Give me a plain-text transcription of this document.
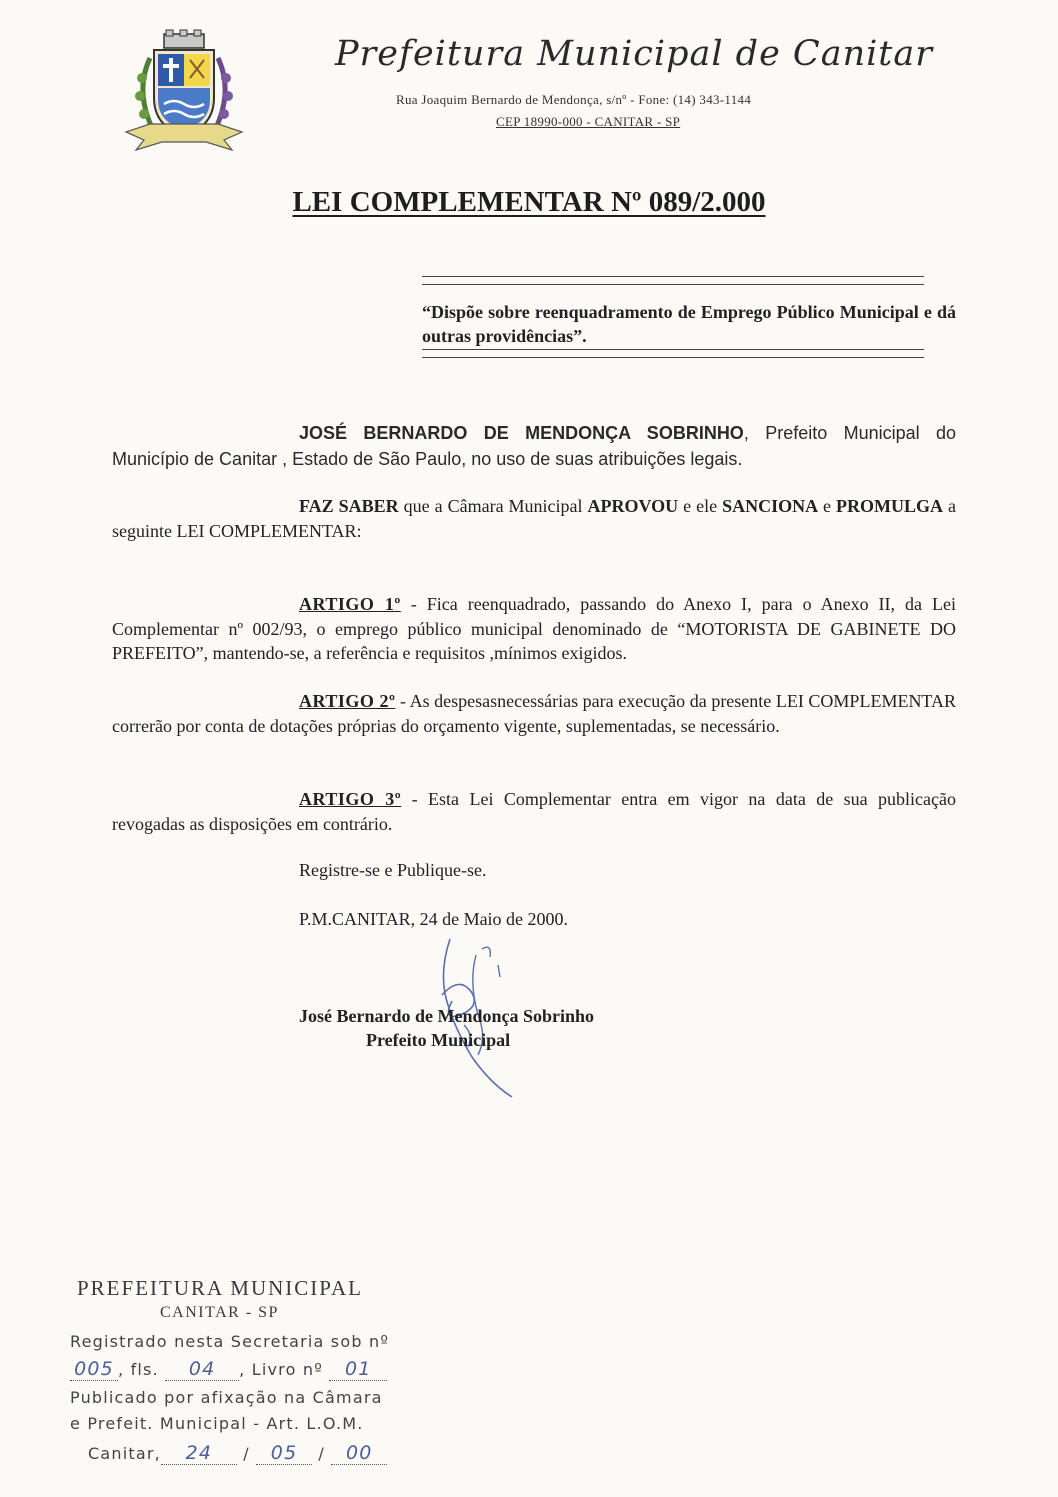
Prefeitura Municipal de Canitar
Rua Joaquim Bernardo de Mendonça, s/nº - Fone: (14) 343-1144
CEP 18990-000 - CANITAR - SP
LEI COMPLEMENTAR Nº 089/2.000
“Dispõe sobre reenquadramento de Emprego Público Municipal e dá outras providências”.
JOSÉ BERNARDO DE MENDONÇA SOBRINHO, Prefeito Municipal do Município de Canitar , Estado de São Paulo, no uso de suas atribuições legais.
FAZ SABER que a Câmara Municipal APROVOU e ele SANCIONA e PROMULGA a seguinte LEI COMPLEMENTAR:
ARTIGO 1º - Fica reenquadrado, passando do Anexo I, para o Anexo II, da Lei Complementar nº 002/93, o emprego público municipal denominado de “MOTORISTA DE GABINETE DO PREFEITO”, mantendo-se, a referência e requisitos ,mínimos exigidos.
ARTIGO 2º - As despesasnecessárias para execução da presente LEI COMPLEMENTAR correrão por conta de dotações próprias do orçamento vigente, suplementadas, se necessário.
ARTIGO 3º - Esta Lei Complementar entra em vigor na data de sua publicação revogadas as disposições em contrário.
Registre-se e Publique-se.
P.M.CANITAR, 24 de Maio de 2000.
José Bernardo de Mendonça Sobrinho
Prefeito Municipal
PREFEITURA MUNICIPAL
CANITAR - SP
Registrado nesta Secretaria sob nº
005 , fls. 04 , Livro nº 01
Publicado por afixação na Câmara
e Prefeit. Municipal - Art. L.O.M.
Canitar, 24 / 05 / 00
